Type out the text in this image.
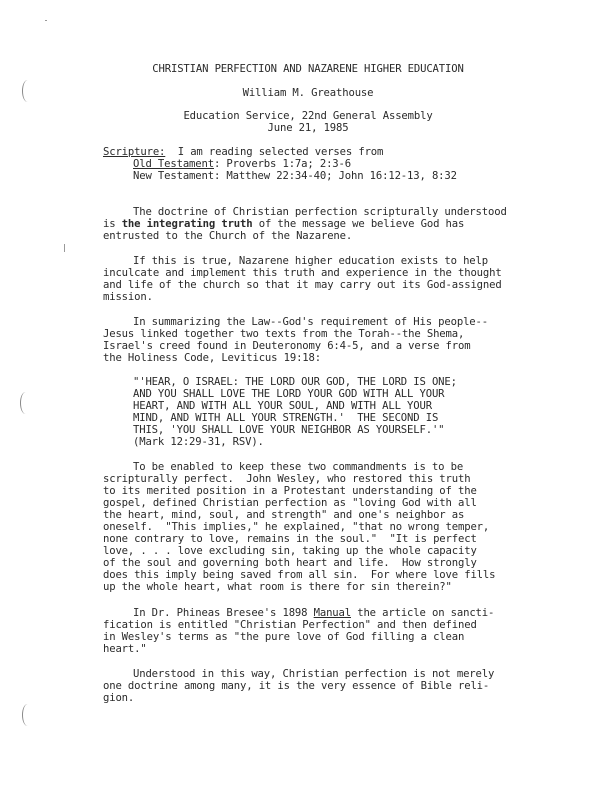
CHRISTIAN PERFECTION AND NAZARENE HIGHER EDUCATION
William M. Greathouse
Education Service, 22nd General Assembly
June 21, 1985
Scripture:  I am reading selected verses from
Old Testament: Proverbs 1:7a; 2:3-6
New Testament: Matthew 22:34-40; John 16:12-13, 8:32
The doctrine of Christian perfection scripturally understood
is the integrating truth of the message we believe God has
entrusted to the Church of the Nazarene.
If this is true, Nazarene higher education exists to help
inculcate and implement this truth and experience in the thought
and life of the church so that it may carry out its God-assigned
mission.
In summarizing the Law--God's requirement of His people--
Jesus linked together two texts from the Torah--the Shema,
Israel's creed found in Deuteronomy 6:4-5, and a verse from
the Holiness Code, Leviticus 19:18:
"'HEAR, O ISRAEL: THE LORD OUR GOD, THE LORD IS ONE;
AND YOU SHALL LOVE THE LORD YOUR GOD WITH ALL YOUR
HEART, AND WITH ALL YOUR SOUL, AND WITH ALL YOUR
MIND, AND WITH ALL YOUR STRENGTH.'  THE SECOND IS
THIS, 'YOU SHALL LOVE YOUR NEIGHBOR AS YOURSELF.'"
(Mark 12:29-31, RSV).
To be enabled to keep these two commandments is to be
scripturally perfect.  John Wesley, who restored this truth
to its merited position in a Protestant understanding of the
gospel, defined Christian perfection as "loving God with all
the heart, mind, soul, and strength" and one's neighbor as
oneself.  "This implies," he explained, "that no wrong temper,
none contrary to love, remains in the soul."  "It is perfect
love, . . . love excluding sin, taking up the whole capacity
of the soul and governing both heart and life.  How strongly
does this imply being saved from all sin.  For where love fills
up the whole heart, what room is there for sin therein?"
In Dr. Phineas Bresee's 1898 Manual the article on sancti-
fication is entitled "Christian Perfection" and then defined
in Wesley's terms as "the pure love of God filling a clean
heart."
Understood in this way, Christian perfection is not merely
one doctrine among many, it is the very essence of Bible reli-
gion.
